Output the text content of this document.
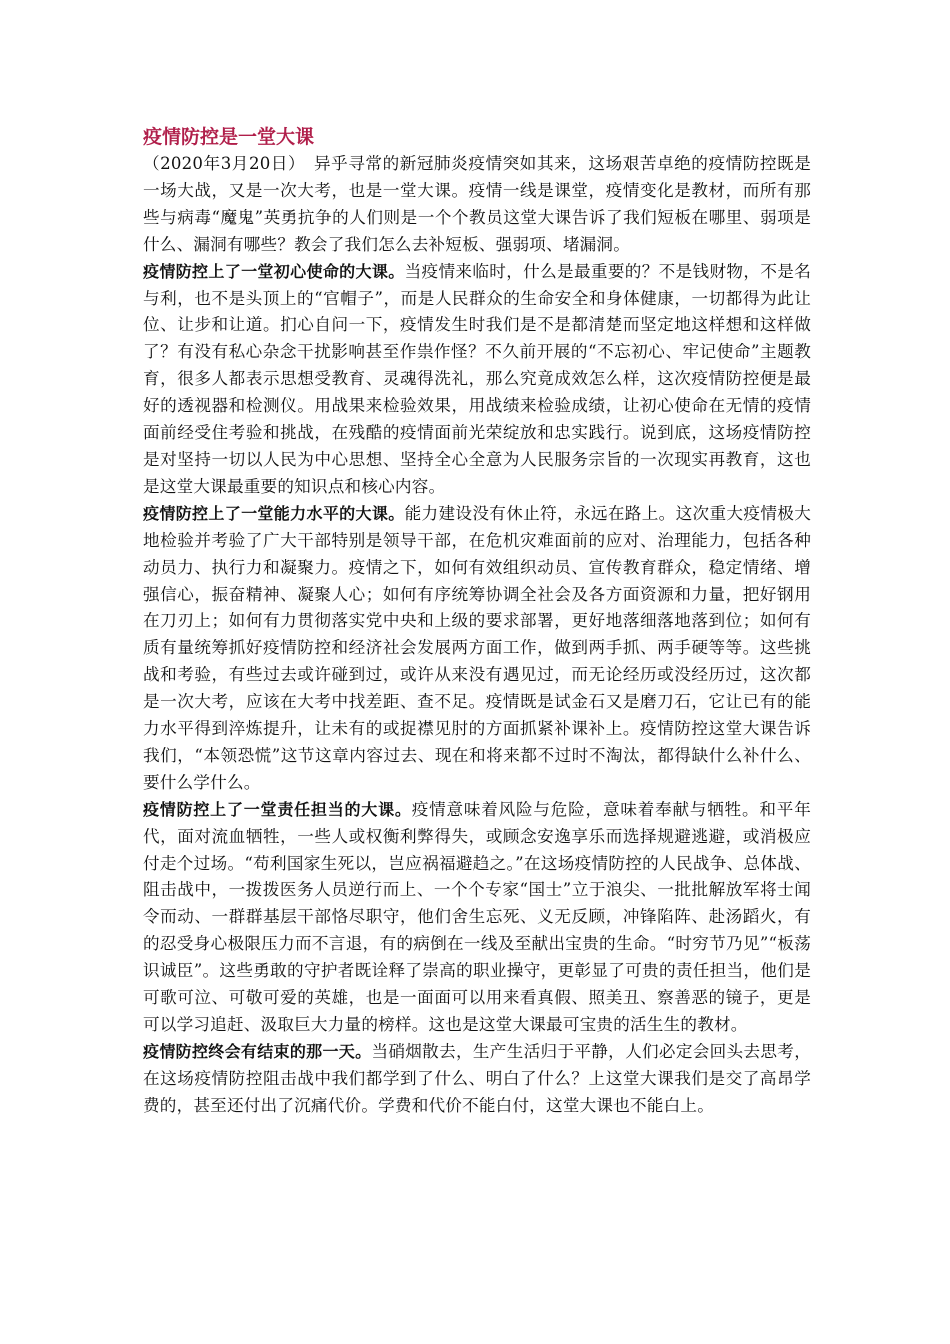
疫情防控是一堂大课

（2020年3月20日）　异乎寻常的新冠肺炎疫情突如其来，这场艰苦卓绝的疫情防控既是一场大战，又是一次大考，也是一堂大课。疫情一线是课堂，疫情变化是教材，而所有那些与病毒“魔鬼”英勇抗争的人们则是一个个教员这堂大课告诉了我们短板在哪里、弱项是什么、漏洞有哪些？教会了我们怎么去补短板、强弱项、堵漏洞。

疫情防控上了一堂初心使命的大课。当疫情来临时，什么是最重要的？不是钱财物，不是名与利，也不是头顶上的“官帽子”，而是人民群众的生命安全和身体健康，一切都得为此让位、让步和让道。扪心自问一下，疫情发生时我们是不是都清楚而坚定地这样想和这样做了？有没有私心杂念干扰影响甚至作祟作怪？不久前开展的“不忘初心、牢记使命”主题教育，很多人都表示思想受教育、灵魂得洗礼，那么究竟成效怎么样，这次疫情防控便是最好的透视器和检测仪。用战果来检验效果，用战绩来检验成绩，让初心使命在无情的疫情面前经受住考验和挑战，在残酷的疫情面前光荣绽放和忠实践行。说到底，这场疫情防控是对坚持一切以人民为中心思想、坚持全心全意为人民服务宗旨的一次现实再教育，这也是这堂大课最重要的知识点和核心内容。

疫情防控上了一堂能力水平的大课。能力建设没有休止符，永远在路上。这次重大疫情极大地检验并考验了广大干部特别是领导干部，在危机灾难面前的应对、治理能力，包括各种动员力、执行力和凝聚力。疫情之下，如何有效组织动员、宣传教育群众，稳定情绪、增强信心，振奋精神、凝聚人心；如何有序统筹协调全社会及各方面资源和力量，把好钢用在刀刃上；如何有力贯彻落实党中央和上级的要求部署，更好地落细落地落到位；如何有质有量统筹抓好疫情防控和经济社会发展两方面工作，做到两手抓、两手硬等等。这些挑战和考验，有些过去或许碰到过，或许从来没有遇见过，而无论经历或没经历过，这次都是一次大考，应该在大考中找差距、查不足。疫情既是试金石又是磨刀石，它让已有的能力水平得到淬炼提升，让未有的或捉襟见肘的方面抓紧补课补上。疫情防控这堂大课告诉我们，“本领恐慌”这节这章内容过去、现在和将来都不过时不淘汰，都得缺什么补什么、要什么学什么。

疫情防控上了一堂责任担当的大课。疫情意味着风险与危险，意味着奉献与牺牲。和平年代，面对流血牺牲，一些人或权衡利弊得失，或顾念安逸享乐而选择规避逃避，或消极应付走个过场。“苟利国家生死以，岂应祸福避趋之。”在这场疫情防控的人民战争、总体战、阻击战中，一拨拨医务人员逆行而上、一个个专家“国士”立于浪尖、一批批解放军将士闻令而动、一群群基层干部恪尽职守，他们舍生忘死、义无反顾，冲锋陷阵、赴汤蹈火，有的忍受身心极限压力而不言退，有的病倒在一线及至献出宝贵的生命。“时穷节乃见”“板荡识诚臣”。这些勇敢的守护者既诠释了崇高的职业操守，更彰显了可贵的责任担当，他们是可歌可泣、可敬可爱的英雄，也是一面面可以用来看真假、照美丑、察善恶的镜子，更是可以学习追赶、汲取巨大力量的榜样。这也是这堂大课最可宝贵的活生生的教材。

疫情防控终会有结束的那一天。当硝烟散去，生产生活归于平静，人们必定会回头去思考，在这场疫情防控阻击战中我们都学到了什么、明白了什么？上这堂大课我们是交了高昂学费的，甚至还付出了沉痛代价。学费和代价不能白付，这堂大课也不能白上。
